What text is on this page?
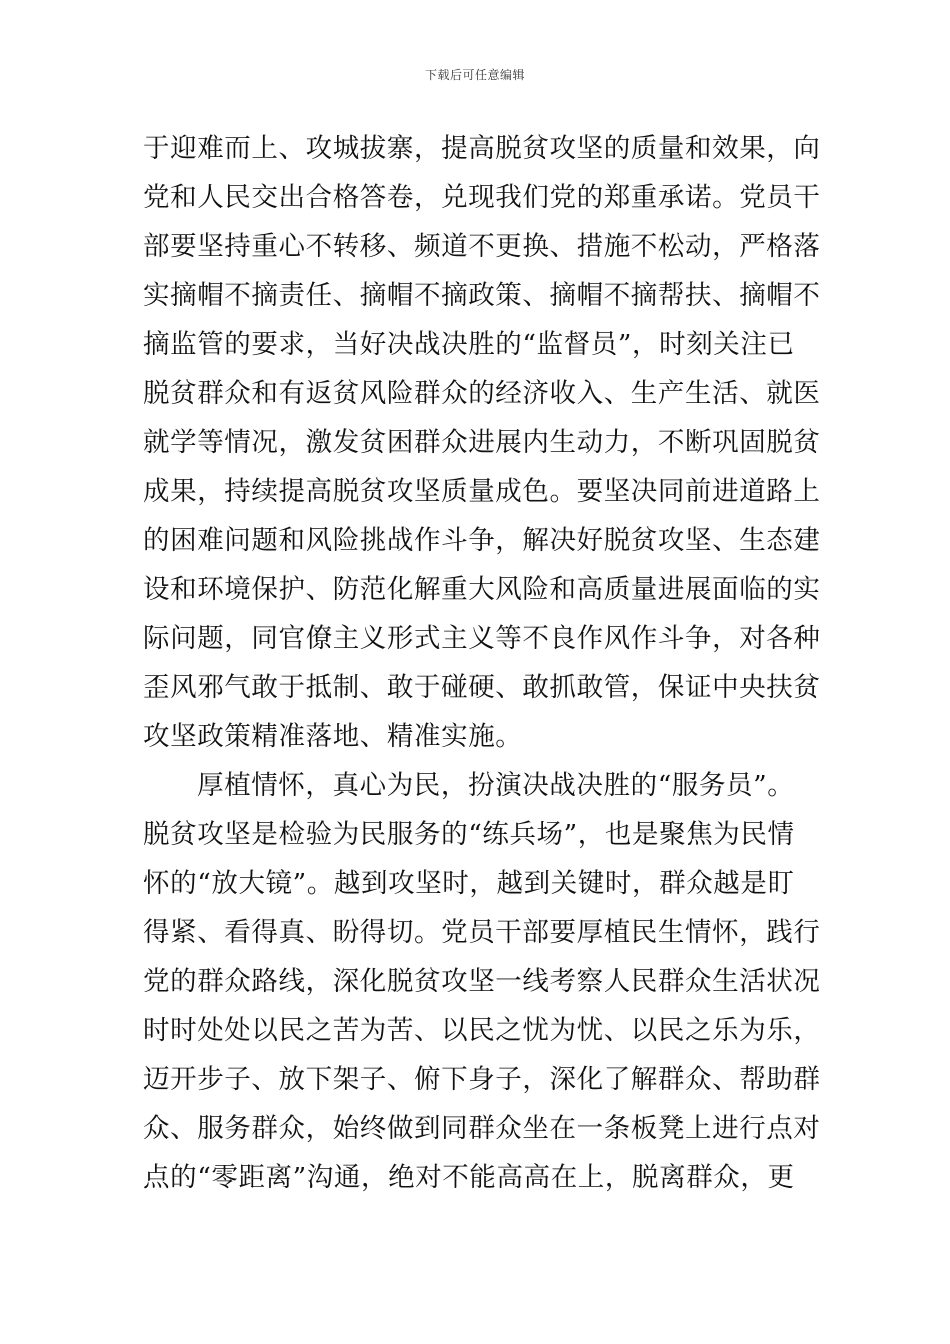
下载后可任意编辑
于迎难而上、攻城拔寨，提高脱贫攻坚的质量和效果，向
党和人民交出合格答卷，兑现我们党的郑重承诺。党员干
部要坚持重心不转移、频道不更换、措施不松动，严格落
实摘帽不摘责任、摘帽不摘政策、摘帽不摘帮扶、摘帽不
摘监管的要求，当好决战决胜的“监督员”，时刻关注已
脱贫群众和有返贫风险群众的经济收入、生产生活、就医
就学等情况，激发贫困群众进展内生动力，不断巩固脱贫
成果，持续提高脱贫攻坚质量成色。要坚决同前进道路上
的困难问题和风险挑战作斗争，解决好脱贫攻坚、生态建
设和环境保护、防范化解重大风险和高质量进展面临的实
际问题，同官僚主义形式主义等不良作风作斗争，对各种
歪风邪气敢于抵制、敢于碰硬、敢抓敢管，保证中央扶贫
攻坚政策精准落地、精准实施。
厚植情怀，真心为民，扮演决战决胜的“服务员”。
脱贫攻坚是检验为民服务的“练兵场”，也是聚焦为民情
怀的“放大镜”。越到攻坚时，越到关键时，群众越是盯
得紧、看得真、盼得切。党员干部要厚植民生情怀，践行
党的群众路线，深化脱贫攻坚一线考察人民群众生活状况
时时处处以民之苦为苦、以民之忧为忧、以民之乐为乐，
迈开步子、放下架子、俯下身子，深化了解群众、帮助群
众、服务群众，始终做到同群众坐在一条板凳上进行点对
点的“零距离”沟通，绝对不能高高在上，脱离群众，更
